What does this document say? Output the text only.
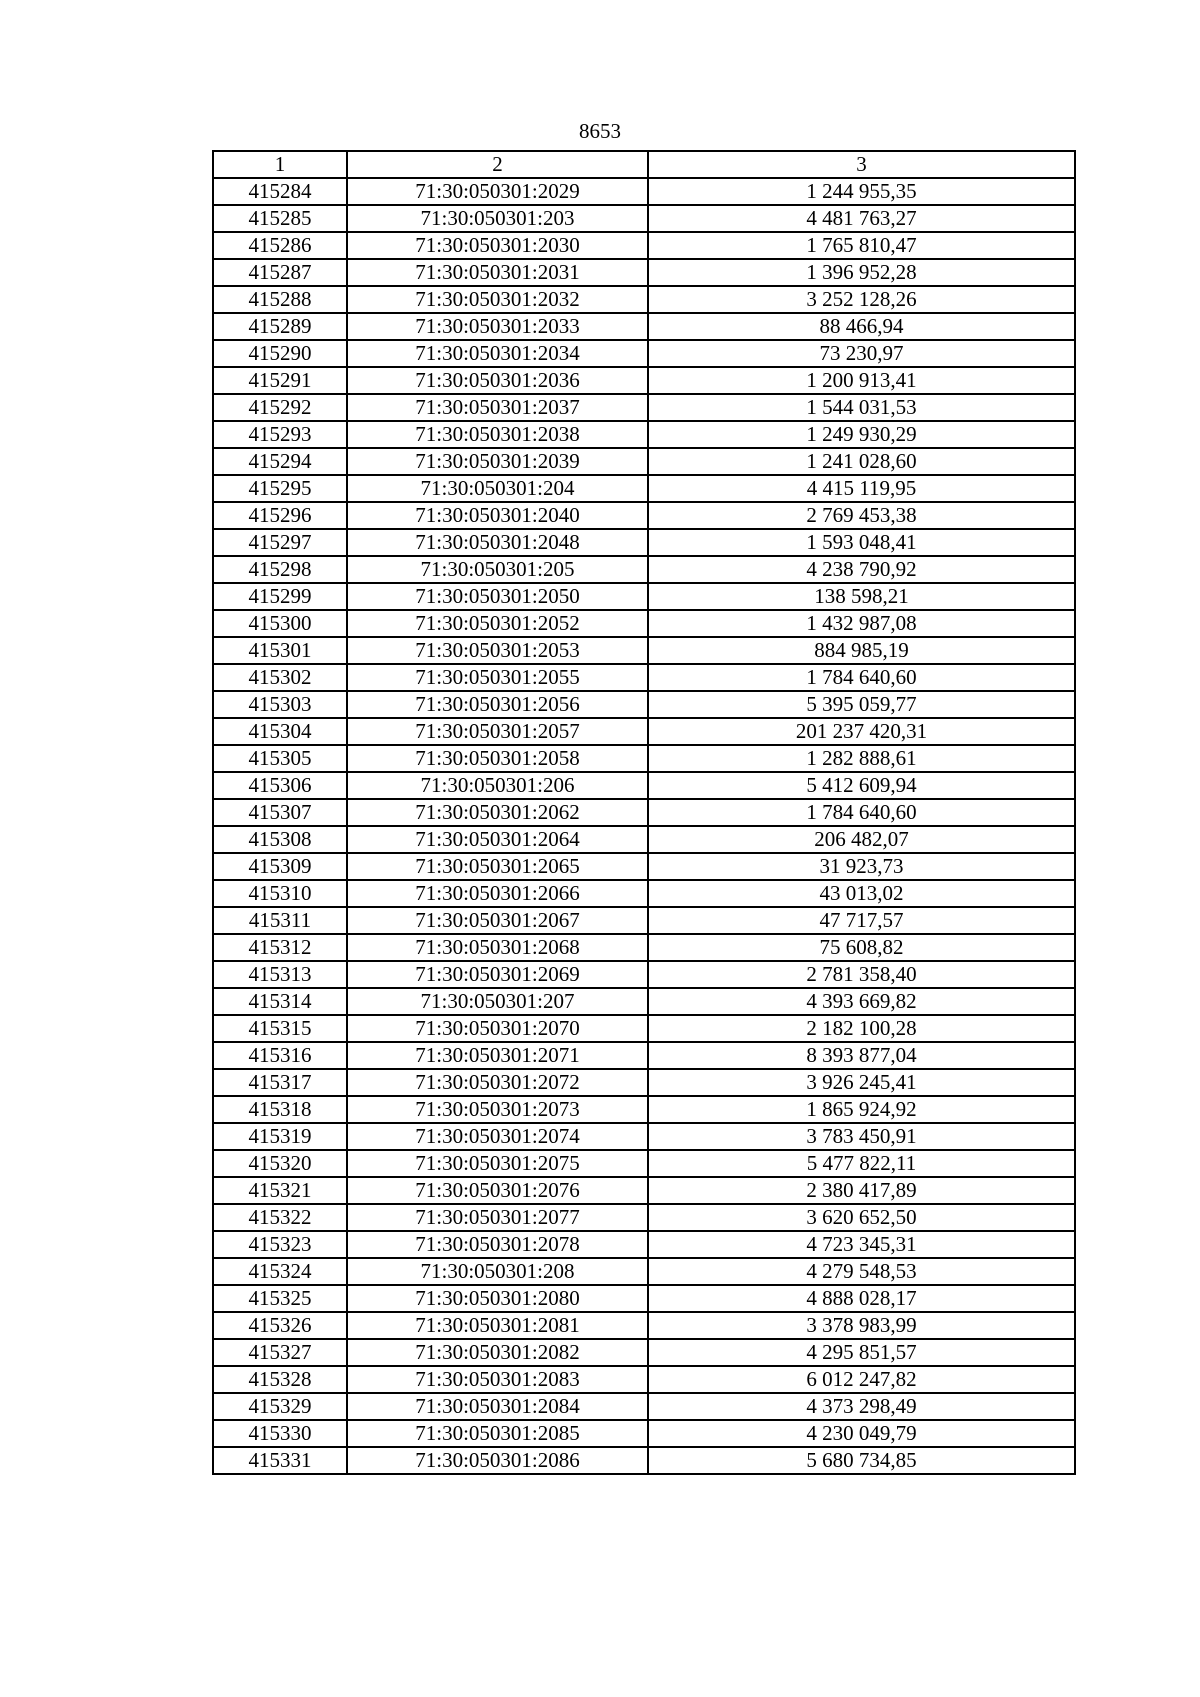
8653
1	2	3
415284	71:30:050301:2029	1 244 955,35
415285	71:30:050301:203	4 481 763,27
415286	71:30:050301:2030	1 765 810,47
415287	71:30:050301:2031	1 396 952,28
415288	71:30:050301:2032	3 252 128,26
415289	71:30:050301:2033	88 466,94
415290	71:30:050301:2034	73 230,97
415291	71:30:050301:2036	1 200 913,41
415292	71:30:050301:2037	1 544 031,53
415293	71:30:050301:2038	1 249 930,29
415294	71:30:050301:2039	1 241 028,60
415295	71:30:050301:204	4 415 119,95
415296	71:30:050301:2040	2 769 453,38
415297	71:30:050301:2048	1 593 048,41
415298	71:30:050301:205	4 238 790,92
415299	71:30:050301:2050	138 598,21
415300	71:30:050301:2052	1 432 987,08
415301	71:30:050301:2053	884 985,19
415302	71:30:050301:2055	1 784 640,60
415303	71:30:050301:2056	5 395 059,77
415304	71:30:050301:2057	201 237 420,31
415305	71:30:050301:2058	1 282 888,61
415306	71:30:050301:206	5 412 609,94
415307	71:30:050301:2062	1 784 640,60
415308	71:30:050301:2064	206 482,07
415309	71:30:050301:2065	31 923,73
415310	71:30:050301:2066	43 013,02
415311	71:30:050301:2067	47 717,57
415312	71:30:050301:2068	75 608,82
415313	71:30:050301:2069	2 781 358,40
415314	71:30:050301:207	4 393 669,82
415315	71:30:050301:2070	2 182 100,28
415316	71:30:050301:2071	8 393 877,04
415317	71:30:050301:2072	3 926 245,41
415318	71:30:050301:2073	1 865 924,92
415319	71:30:050301:2074	3 783 450,91
415320	71:30:050301:2075	5 477 822,11
415321	71:30:050301:2076	2 380 417,89
415322	71:30:050301:2077	3 620 652,50
415323	71:30:050301:2078	4 723 345,31
415324	71:30:050301:208	4 279 548,53
415325	71:30:050301:2080	4 888 028,17
415326	71:30:050301:2081	3 378 983,99
415327	71:30:050301:2082	4 295 851,57
415328	71:30:050301:2083	6 012 247,82
415329	71:30:050301:2084	4 373 298,49
415330	71:30:050301:2085	4 230 049,79
415331	71:30:050301:2086	5 680 734,85
